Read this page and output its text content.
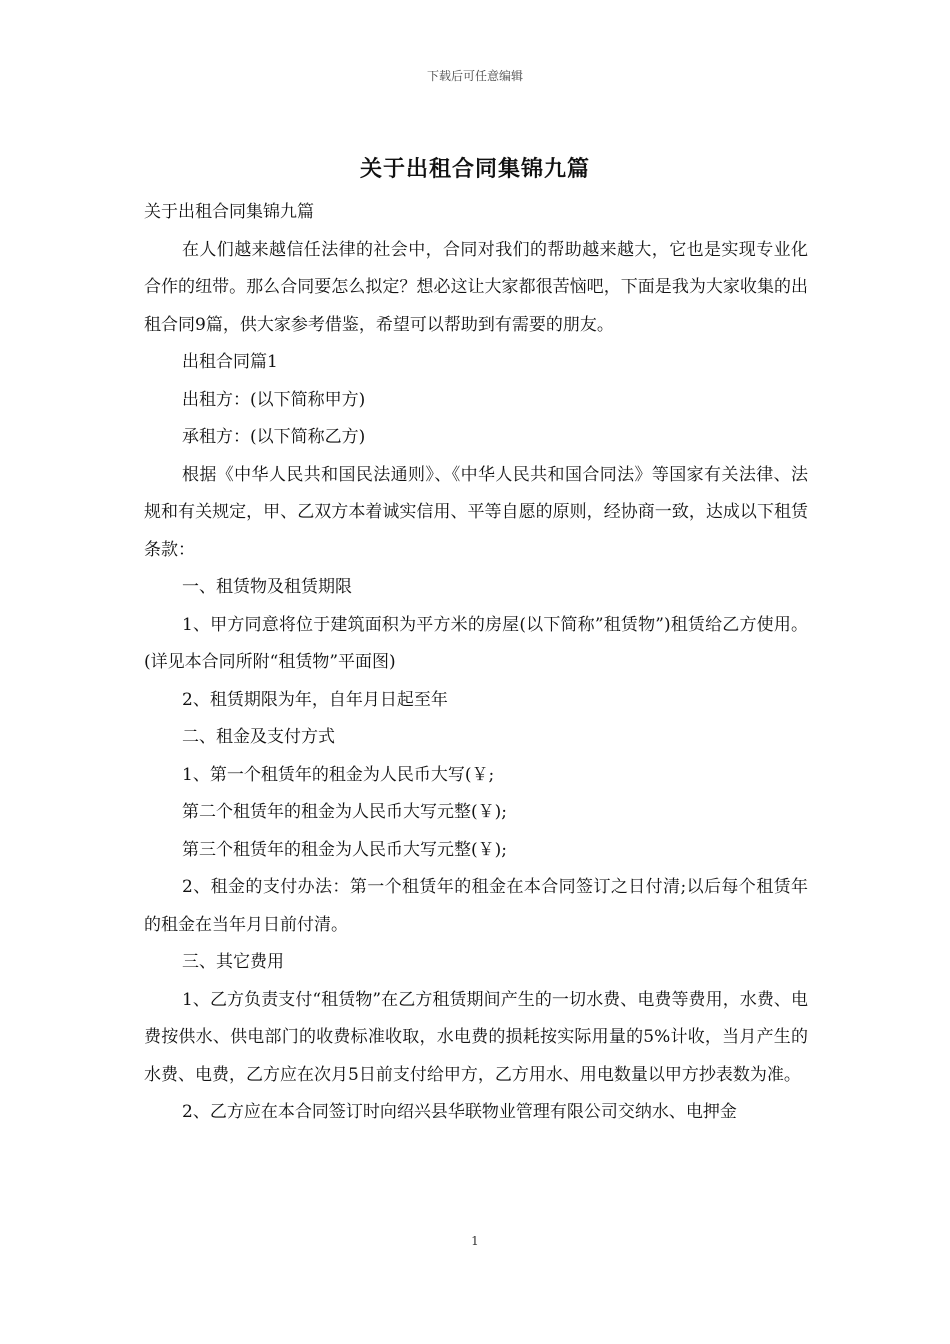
下载后可任意编辑
关于出租合同集锦九篇

关于出租合同集锦九篇

在人们越来越信任法律的社会中，合同对我们的帮助越来越大，它也是实现专业化合作的纽带。那么合同要怎么拟定？想必这让大家都很苦恼吧，下面是我为大家收集的出租合同9篇，供大家参考借鉴，希望可以帮助到有需要的朋友。

出租合同篇1

出租方：(以下简称甲方)

承租方：(以下简称乙方)

根据《中华人民共和国民法通则》、《中华人民共和国合同法》等国家有关法律、法规和有关规定，甲、乙双方本着诚实信用、平等自愿的原则，经协商一致，达成以下租赁条款：

一、租赁物及租赁期限

1、甲方同意将位于建筑面积为平方米的房屋(以下简称”租赁物”)租赁给乙方使用。(详见本合同所附“租赁物”平面图)

2、租赁期限为年，自年月日起至年

二、租金及支付方式

1、第一个租赁年的租金为人民币大写(￥;

第二个租赁年的租金为人民币大写元整(￥);

第三个租赁年的租金为人民币大写元整(￥);

2、租金的支付办法：第一个租赁年的租金在本合同签订之日付清;以后每个租赁年的租金在当年月日前付清。

三、其它费用

1、乙方负责支付“租赁物”在乙方租赁期间产生的一切水费、电费等费用，水费、电费按供水、供电部门的收费标准收取，水电费的损耗按实际用量的5%计收，当月产生的水费、电费，乙方应在次月5日前支付给甲方，乙方用水、用电数量以甲方抄表数为准。

2、乙方应在本合同签订时向绍兴县华联物业管理有限公司交纳水、电押金

1
